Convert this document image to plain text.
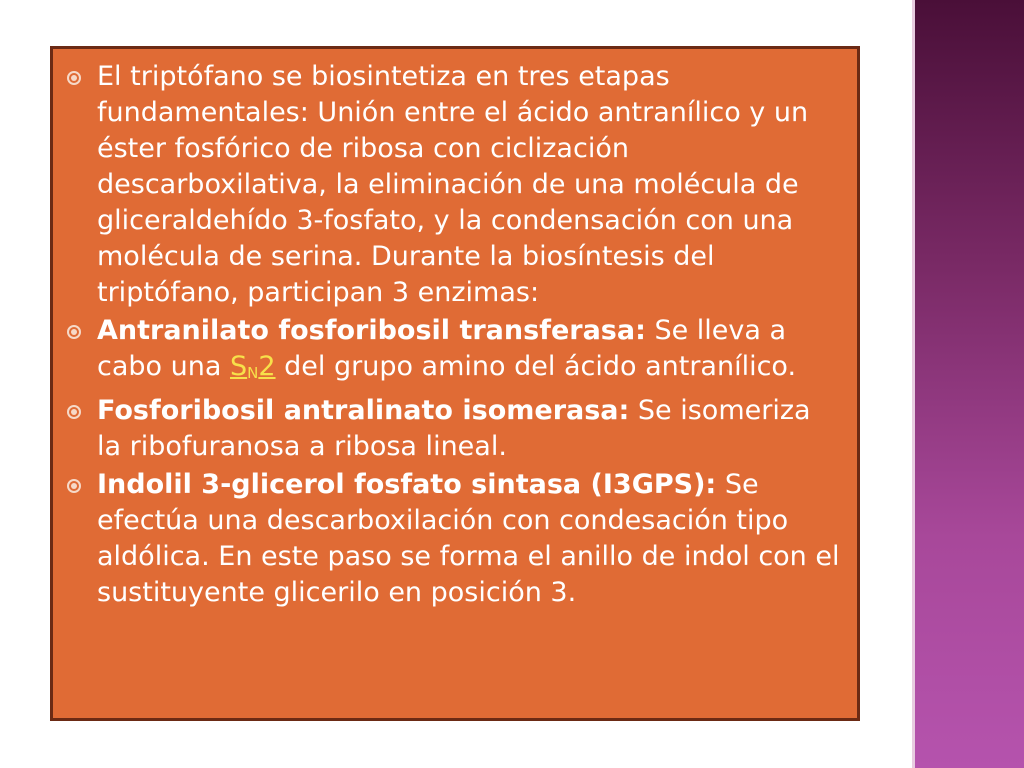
El triptófano se biosintetiza en tres etapas fundamentales: Unión entre el ácido antranílico y un éster fosfórico de ribosa con ciclización descarboxilativa, la eliminación de una molécula de gliceraldehído 3-fosfato, y la condensación con una molécula de serina. Durante la biosíntesis del triptófano, participan 3 enzimas:
Antranilato fosforibosil transferasa: Se lleva a cabo una $S_N2$ del grupo amino del ácido antranílico.
Fosforibosil antralinato isomerasa: Se isomeriza la ribofuranosa a ribosa lineal.
Indolil 3-glicerol fosfato sintasa (I3GPS): Se efectúa una descarboxilación con condesación tipo aldólica. En este paso se forma el anillo de indol con el sustituyente glicerilo en posición 3.
